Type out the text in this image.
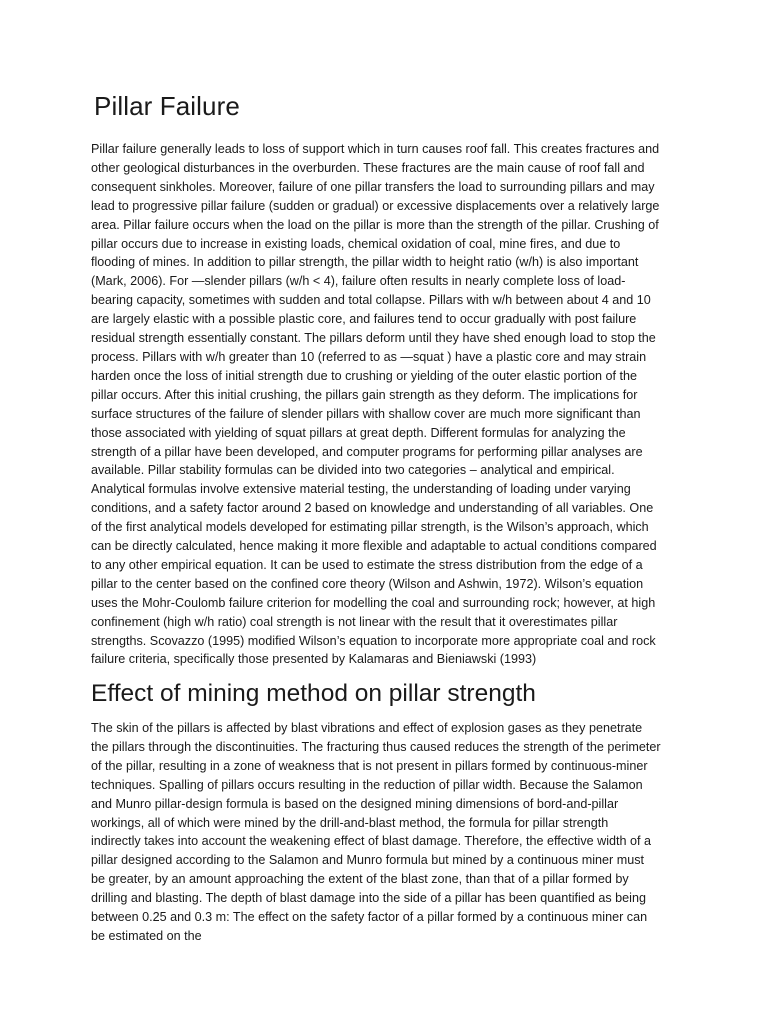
Pillar Failure

Pillar failure generally leads to loss of support which in turn causes roof fall. This creates fractures and other geological disturbances in the overburden. These fractures are the main cause of roof fall and consequent sinkholes. Moreover, failure of one pillar transfers the load to surrounding pillars and may lead to progressive pillar failure (sudden or gradual) or excessive displacements over a relatively large area. Pillar failure occurs when the load on the pillar is more than the strength of the pillar. Crushing of pillar occurs due to increase in existing loads, chemical oxidation of coal, mine fires, and due to flooding of mines. In addition to pillar strength, the pillar width to height ratio (w/h) is also important (Mark, 2006). For —slender pillars (w/h < 4), failure often results in nearly complete loss of load-bearing capacity, sometimes with sudden and total collapse. Pillars with w/h between about 4 and 10 are largely elastic with a possible plastic core, and failures tend to occur gradually with post failure residual strength essentially constant. The pillars deform until they have shed enough load to stop the process. Pillars with w/h greater than 10 (referred to as —squat ) have a plastic core and may strain harden once the loss of initial strength due to crushing or yielding of the outer elastic portion of the pillar occurs. After this initial crushing, the pillars gain strength as they deform. The implications for surface structures of the failure of slender pillars with shallow cover are much more significant than those associated with yielding of squat pillars at great depth. Different formulas for analyzing the strength of a pillar have been developed, and computer programs for performing pillar analyses are available. Pillar stability formulas can be divided into two categories – analytical and empirical. Analytical formulas involve extensive material testing, the understanding of loading under varying conditions, and a safety factor around 2 based on knowledge and understanding of all variables. One of the first analytical models developed for estimating pillar strength, is the Wilson’s approach, which can be directly calculated, hence making it more flexible and adaptable to actual conditions compared to any other empirical equation. It can be used to estimate the stress distribution from the edge of a pillar to the center based on the confined core theory (Wilson and Ashwin, 1972). Wilson’s equation uses the Mohr-Coulomb failure criterion for modelling the coal and surrounding rock; however, at high confinement (high w/h ratio) coal strength is not linear with the result that it overestimates pillar strengths. Scovazzo (1995) modified Wilson’s equation to incorporate more appropriate coal and rock failure criteria, specifically those presented by Kalamaras and Bieniawski (1993)

Effect of mining method on pillar strength

The skin of the pillars is affected by blast vibrations and effect of explosion gases as they penetrate the pillars through the discontinuities. The fracturing thus caused reduces the strength of the perimeter of the pillar, resulting in a zone of weakness that is not present in pillars formed by continuous-miner techniques. Spalling of pillars occurs resulting in the reduction of pillar width. Because the Salamon and Munro pillar-design formula is based on the designed mining dimensions of bord-and-pillar workings, all of which were mined by the drill-and-blast method, the formula for pillar strength indirectly takes into account the weakening effect of blast damage. Therefore, the effective width of a pillar designed according to the Salamon and Munro formula but mined by a continuous miner must be greater, by an amount approaching the extent of the blast zone, than that of a pillar formed by drilling and blasting. The depth of blast damage into the side of a pillar has been quantified as being between 0.25 and 0.3 m: The effect on the safety factor of a pillar formed by a continuous miner can be estimated on the
